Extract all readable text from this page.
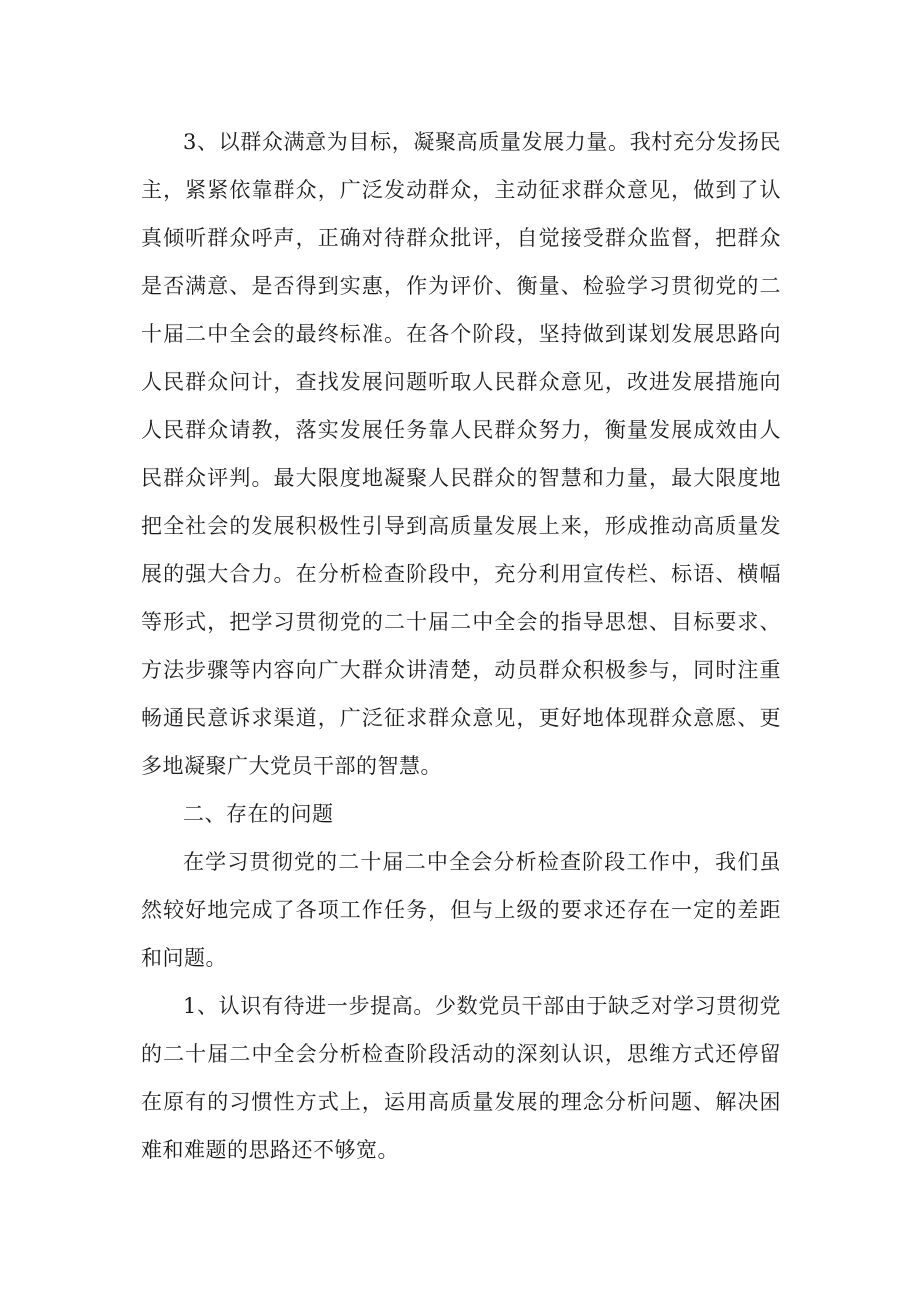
3、以群众满意为目标，凝聚高质量发展力量。我村充分发扬民主，紧紧依靠群众，广泛发动群众，主动征求群众意见，做到了认真倾听群众呼声，正确对待群众批评，自觉接受群众监督，把群众是否满意、是否得到实惠，作为评价、衡量、检验学习贯彻党的二十届二中全会的最终标准。在各个阶段，坚持做到谋划发展思路向人民群众问计，查找发展问题听取人民群众意见，改进发展措施向人民群众请教，落实发展任务靠人民群众努力，衡量发展成效由人民群众评判。最大限度地凝聚人民群众的智慧和力量，最大限度地把全社会的发展积极性引导到高质量发展上来，形成推动高质量发展的强大合力。在分析检查阶段中，充分利用宣传栏、标语、横幅等形式，把学习贯彻党的二十届二中全会的指导思想、目标要求、方法步骤等内容向广大群众讲清楚，动员群众积极参与，同时注重畅通民意诉求渠道，广泛征求群众意见，更好地体现群众意愿、更多地凝聚广大党员干部的智慧。

二、存在的问题

在学习贯彻党的二十届二中全会分析检查阶段工作中，我们虽然较好地完成了各项工作任务，但与上级的要求还存在一定的差距和问题。

1、认识有待进一步提高。少数党员干部由于缺乏对学习贯彻党的二十届二中全会分析检查阶段活动的深刻认识，思维方式还停留在原有的习惯性方式上，运用高质量发展的理念分析问题、解决困难和难题的思路还不够宽。
